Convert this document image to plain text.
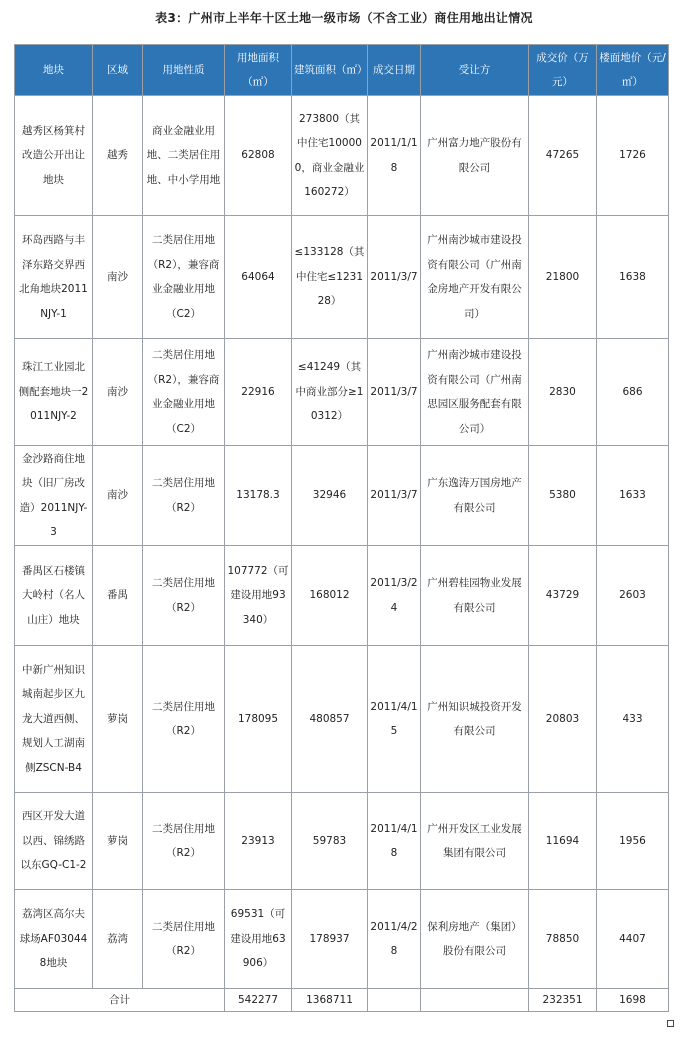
表3：广州市上半年十区土地一级市场（不含工业）商住用地出让情况
地块	区域	用地性质	用地面积（㎡）	建筑面积（㎡）	成交日期	受让方	成交价（万元）	楼面地价（元/㎡）
越秀区杨箕村改造公开出让地块	越秀	商业金融业用地、二类居住用地、中小学用地	62808	273800（其中住宅100000，商业金融业160272）	2011/1/18	广州富力地产股份有限公司	47265	1726
环岛西路与丰泽东路交界西北角地块2011NJY-1	南沙	二类居住用地（R2），兼容商业金融业用地（C2）	64064	≤133128（其中住宅≤123128）	2011/3/7	广州南沙城市建设投资有限公司（广州南金房地产开发有限公司）	21800	1638
珠江工业园北侧配套地块一2011NJY-2	南沙	二类居住用地（R2），兼容商业金融业用地（C2）	22916	≤41249（其中商业部分≥10312）	2011/3/7	广州南沙城市建设投资有限公司（广州南思园区服务配套有限公司）	2830	686
金沙路商住地块（旧厂房改造）2011NJY-3	南沙	二类居住用地（R2）	13178.3	32946	2011/3/7	广东逸涛万国房地产有限公司	5380	1633
番禺区石楼镇大岭村（名人山庄）地块	番禺	二类居住用地（R2）	107772（可建设用地93340）	168012	2011/3/24	广州碧桂园物业发展有限公司	43729	2603
中新广州知识城南起步区九龙大道西侧、规划人工湖南侧ZSCN-B4	萝岗	二类居住用地（R2）	178095	480857	2011/4/15	广州知识城投资开发有限公司	20803	433
西区开发大道以西、锦绣路以东GQ-C1-2	萝岗	二类居住用地（R2）	23913	59783	2011/4/18	广州开发区工业发展集团有限公司	11694	1956
荔湾区高尔夫球场AF030448地块	荔湾	二类居住用地（R2）	69531（可建设用地63906）	178937	2011/4/28	保利房地产（集团）股份有限公司	78850	4407
合计			542277	1368711			232351	1698
